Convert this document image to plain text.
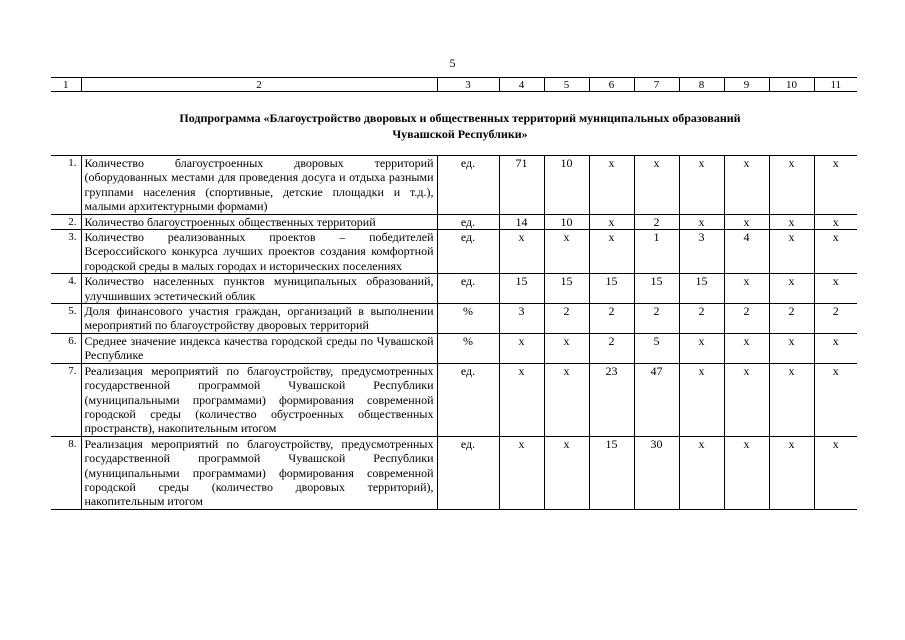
5
1	2	3	4	5	6	7	8	9	10	11
Подпрограмма «Благоустройство дворовых и общественных территорий муниципальных образований
Чувашской Республики»
1.	Количество благоустроенных дворовых территорий (оборудованных местами для проведения досуга и отдыха разными группами населения (спортивные, детские площадки и т.д.), малыми архитектурными формами)	ед.	71	10	x	x	x	x	x	x
2.	Количество благоустроенных общественных территорий	ед.	14	10	x	2	x	x	x	x
3.	Количество реализованных проектов – победителей Всероссийского конкурса лучших проектов создания комфортной городской среды в малых городах и исторических поселениях	ед.	x	x	x	1	3	4	x	x
4.	Количество населенных пунктов муниципальных образований, улучшивших эстетический облик	ед.	15	15	15	15	15	x	x	x
5.	Доля финансового участия граждан, организаций в выполнении мероприятий по благоустройству дворовых территорий	%	3	2	2	2	2	2	2	2
6.	Среднее значение индекса качества городской среды по Чувашской Республике	%	x	x	2	5	x	x	x	x
7.	Реализация мероприятий по благоустройству, предусмотренных государственной программой Чувашской Республики (муниципальными программами) формирования современной городской среды (количество обустроенных общественных пространств), накопительным итогом	ед.	x	x	23	47	x	x	x	x
8.	Реализация мероприятий по благоустройству, предусмотренных государственной программой Чувашской Республики (муниципальными программами) формирования современной городской среды (количество дворовых территорий), накопительным итогом	ед.	x	x	15	30	x	x	x	x
